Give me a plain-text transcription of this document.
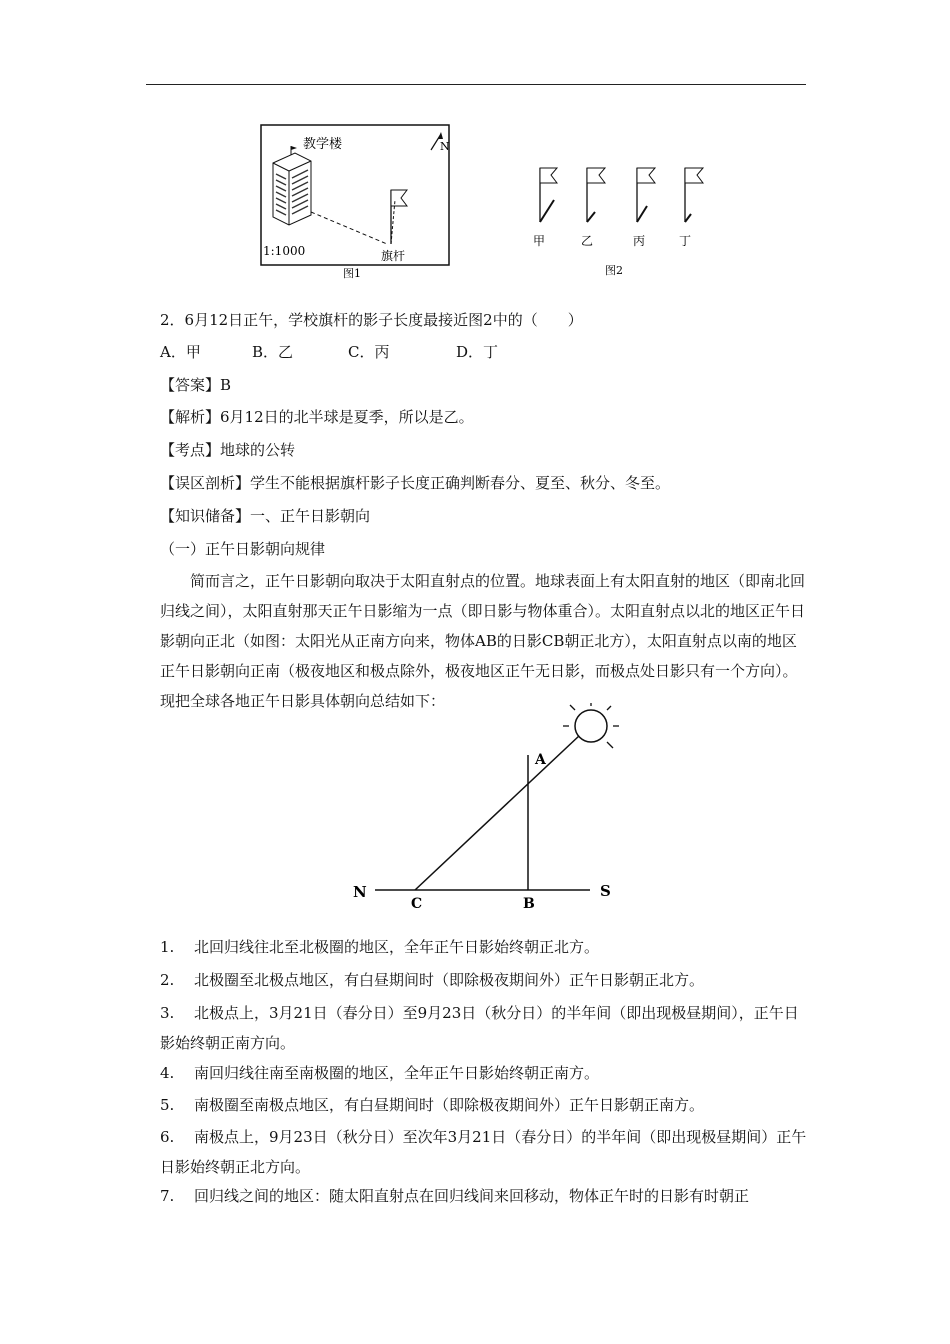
教学楼	N
1:1000	旗杆
图1
甲	乙	丙	丁
图2
2．6月12日正午，学校旗杆的影子长度最接近图2中的（　　）
A．甲	B．乙	C．丙	D．丁
【答案】B
【解析】6月12日的北半球是夏季，所以是乙。
【考点】地球的公转
【误区剖析】学生不能根据旗杆影子长度正确判断春分、夏至、秋分、冬至。
【知识储备】一、正午日影朝向
（一）正午日影朝向规律
简而言之，正午日影朝向取决于太阳直射点的位置。地球表面上有太阳直射的地区（即南北回归线之间），太阳直射那天正午日影缩为一点（即日影与物体重合）。太阳直射点以北的地区正午日影朝向正北（如图：太阳光从正南方向来，物体AB的日影CB朝正北方），太阳直射点以南的地区正午日影朝向正南（极夜地区和极点除外，极夜地区正午无日影，而极点处日影只有一个方向）。现把全球各地正午日影具体朝向总结如下：
N	S
A
B
C
1. 北回归线往北至北极圈的地区，全年正午日影始终朝正北方。
2. 北极圈至北极点地区，有白昼期间时（即除极夜期间外）正午日影朝正北方。
3. 北极点上，3月21日（春分日）至9月23日（秋分日）的半年间（即出现极昼期间），正午日影始终朝正南方向。
4. 南回归线往南至南极圈的地区，全年正午日影始终朝正南方。
5. 南极圈至南极点地区，有白昼期间时（即除极夜期间外）正午日影朝正南方。
6. 南极点上，9月23日（秋分日）至次年3月21日（春分日）的半年间（即出现极昼期间）正午日影始终朝正北方向。
7. 回归线之间的地区：随太阳直射点在回归线间来回移动，物体正午时的日影有时朝正
